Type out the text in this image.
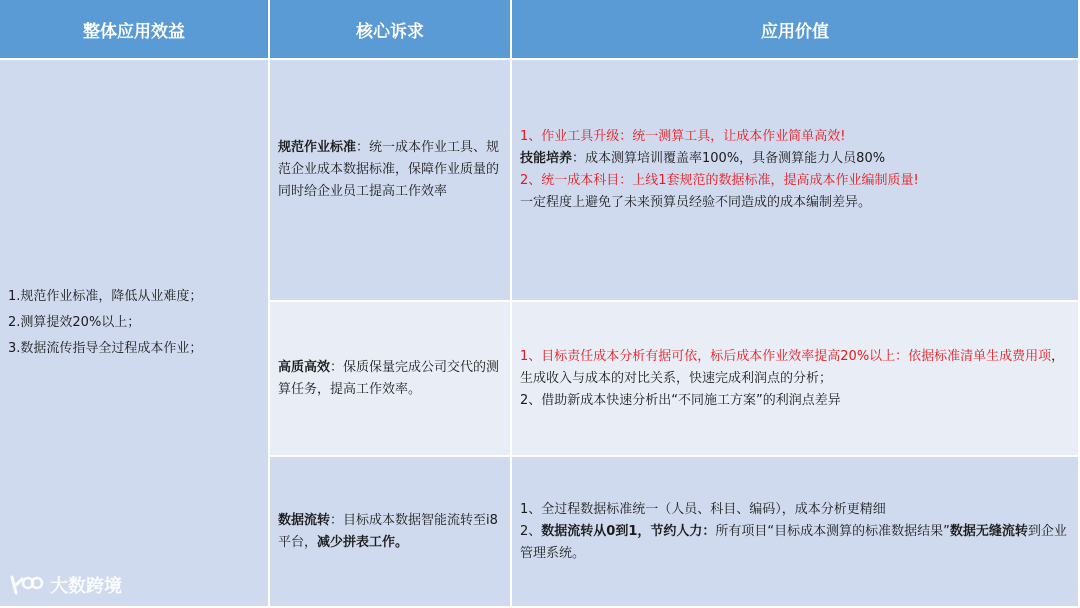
整体应用效益	核心诉求	应用价值

1.规范作业标准，降低从业难度；

2.测算提效20%以上；

3.数据流传指导全过程成本作业；

规范作业标准：统一成本作业工具、规范企业成本数据标准，保障作业质量的同时给企业员工提高工作效率
1、作业工具升级：统一测算工具，让成本作业简单高效!
技能培养：成本测算培训覆盖率100%，具备测算能力人员80%
2、统一成本科目：上线1套规范的数据标准，提高成本作业编制质量!
一定程度上避免了未来预算员经验不同造成的成本编制差异。
高质高效：保质保量完成公司交代的测算任务，提高工作效率。
1、目标责任成本分析有据可依，标后成本作业效率提高20%以上：依据标准清单生成费用项，生成收入与成本的对比关系，快速完成利润点的分析；
2、借助新成本快速分析出“不同施工方案”的利润点差异
数据流转：目标成本数据智能流转至i8平台，减少拼表工作。
1、全过程数据标准统一（人员、科目、编码），成本分析更精细
2、数据流转从0到1，节约人力：所有项目“目标成本测算的标准数据结果”数据无缝流转到企业管理系统。
大数跨境
